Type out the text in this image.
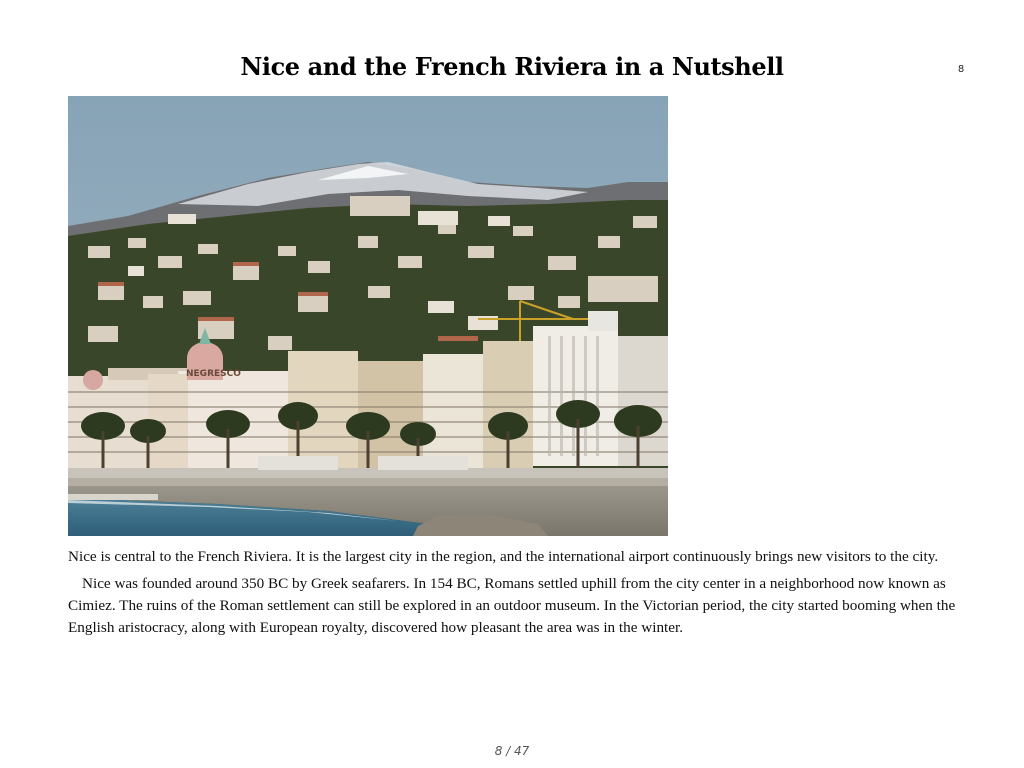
Nice and the French Riviera in a Nutshell	8
NEGRESCO

Nice is central to the French Riviera. It is the largest city in the region, and the international airport continuously brings new visitors to the city.

Nice was founded around 350 BC by Greek seafarers. In 154 BC, Romans settled uphill from the city center in a neighborhood now known as Cimiez. The ruins of the Roman settlement can still be explored in an outdoor museum. In the Victorian period, the city started booming when the English aristocracy, along with European royalty, discovered how pleasant the area was in the winter.

8 / 47
